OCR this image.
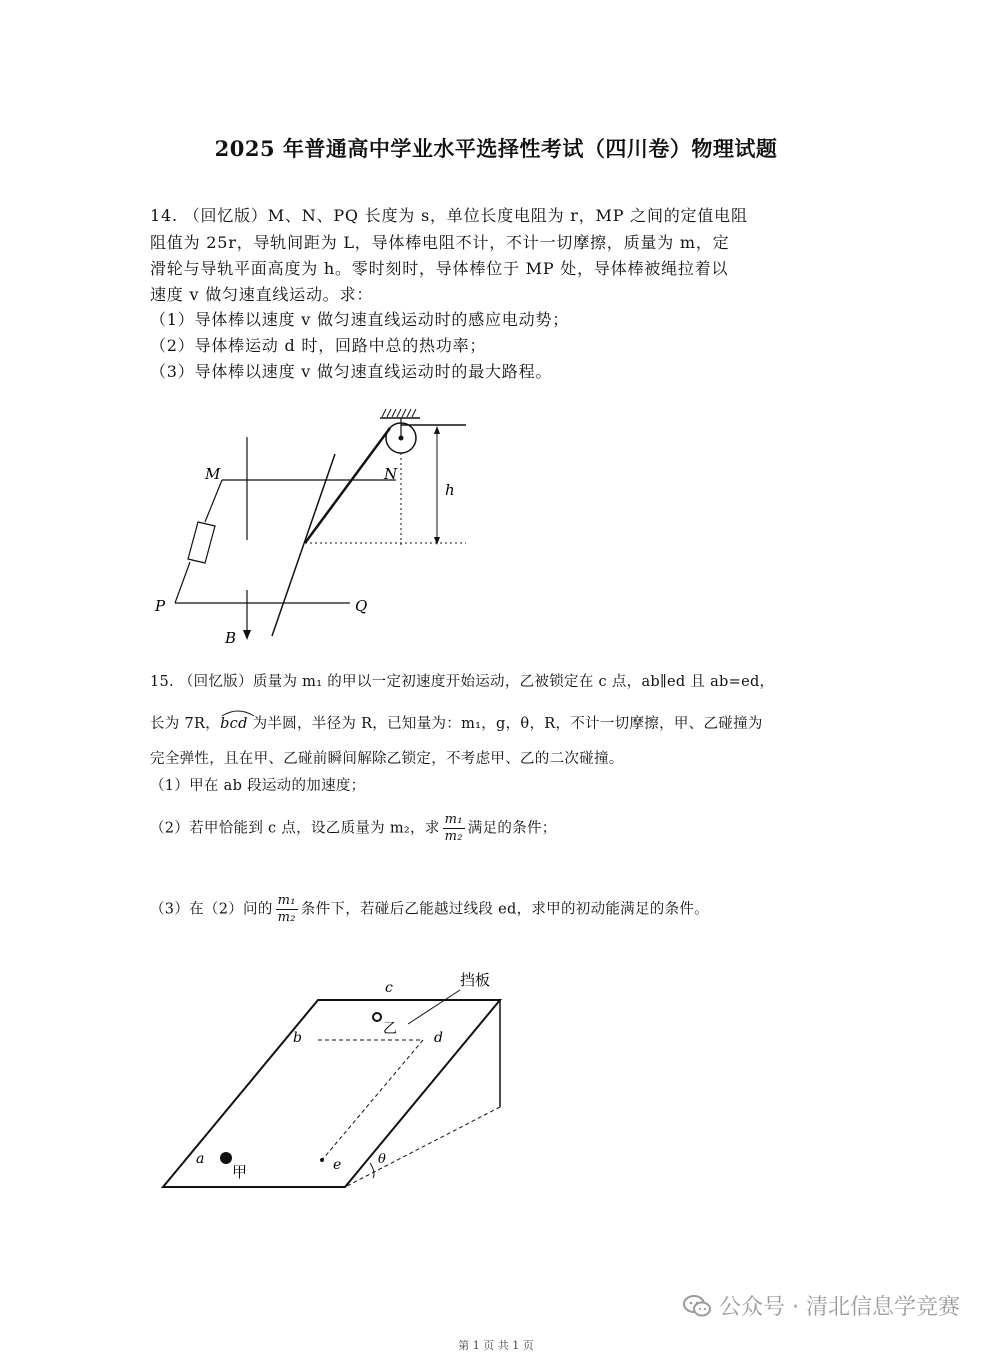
2025 年普通高中学业水平选择性考试（四川卷）物理试题
14. （回忆版）M、N、PQ 长度为 s，单位长度电阻为 r，MP 之间的定值电阻
阻值为 25r，导轨间距为 L，导体棒电阻不计，不计一切摩擦，质量为 m，定
滑轮与导轨平面高度为 h。零时刻时，导体棒位于 MP 处，导体棒被绳拉着以
速度 v 做匀速直线运动。求：
（1）导体棒以速度 v 做匀速直线运动时的感应电动势；
（2）导体棒运动 d 时，回路中总的热功率；
（3）导体棒以速度 v 做匀速直线运动时的最大路程。
h
M	N
P	Q
B
15. （回忆版）质量为 m₁ 的甲以一定初速度开始运动，乙被锁定在 c 点，ab∥ed 且 ab=ed，
长为 7R，
bcd 为半圆，半径为 R，已知量为：m₁，g，θ，R，不计一切摩擦，甲、乙碰撞为
完全弹性，且在甲、乙碰前瞬间解除乙锁定，不考虑甲、乙的二次碰撞。
（1）甲在 ab 段运动的加速度；
（2）若甲恰能到 c 点，设乙质量为 m₂，求 $\frac{\text{m₁}}{\text{m₂}}$ 满足的条件；
（3）在（2）问的 $\frac{\text{m₁}}{\text{m₂}}$ 条件下，若碰后乙能越过线段 ed，求甲的初动能满足的条件。
θ
乙
挡板
甲
a
b
c
d
e
公众号 · 清北信息学竞赛
第 1 页 共 1 页
